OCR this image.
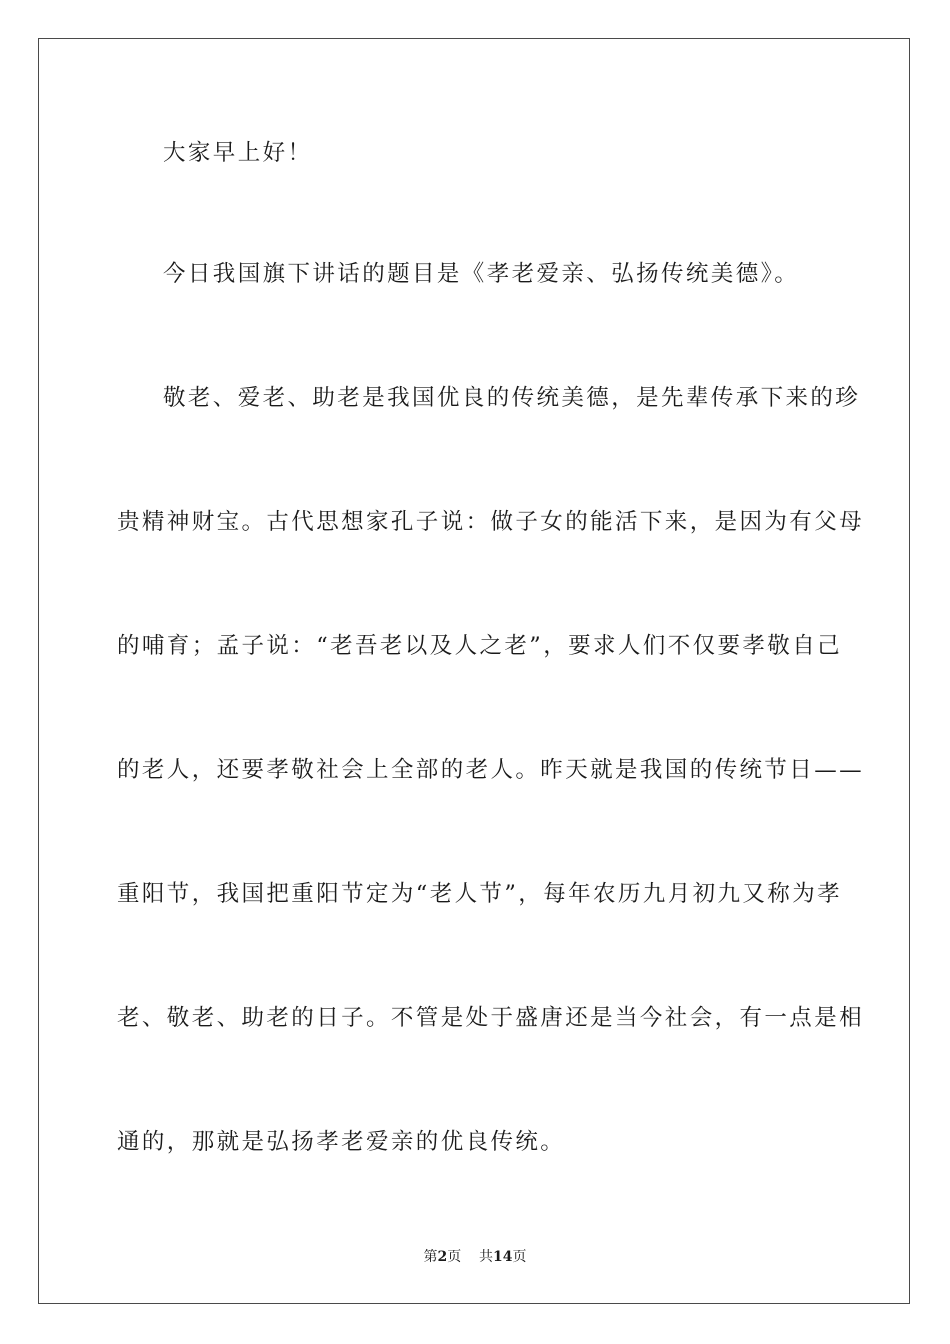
大家早上好！
今日我国旗下讲话的题目是《孝老爱亲、弘扬传统美德》。
敬老、爱老、助老是我国优良的传统美德，是先辈传承下来的珍
贵精神财宝。古代思想家孔子说：做子女的能活下来，是因为有父母
的哺育；孟子说：“老吾老以及人之老”，要求人们不仅要孝敬自己
的老人，还要孝敬社会上全部的老人。昨天就是我国的传统节日——
重阳节，我国把重阳节定为“老人节”，每年农历九月初九又称为孝
老、敬老、助老的日子。不管是处于盛唐还是当今社会，有一点是相
通的，那就是弘扬孝老爱亲的优良传统。
第2页 共14页
